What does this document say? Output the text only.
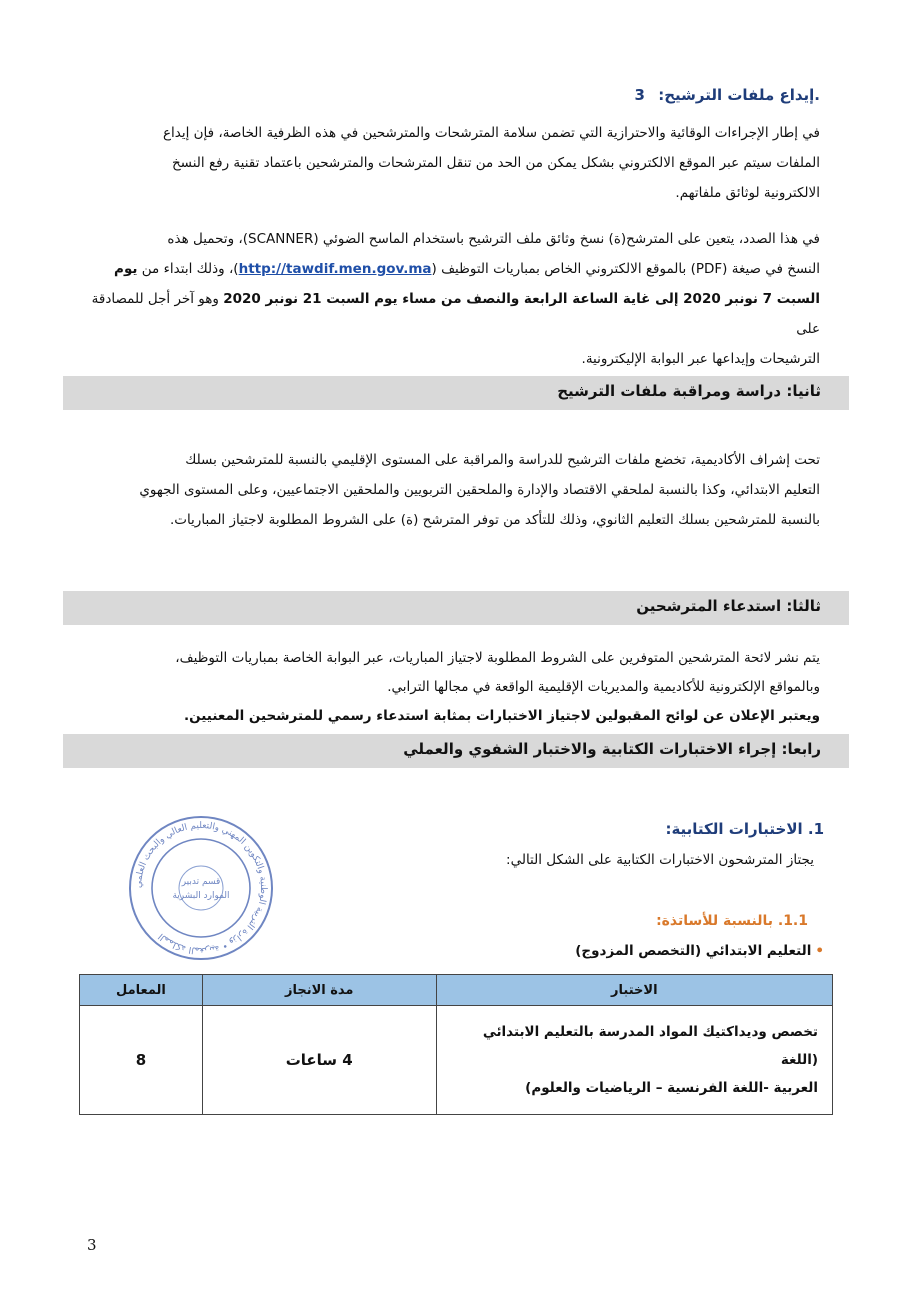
.إيداع ملفات الترشيح: 3
في إطار الإجراءات الوقائية والاحترازية التي تضمن سلامة المترشحات والمترشحين في هذه الظرفية الخاصة، فإن إيداع
الملفات سيتم عبر الموقع الالكتروني بشكل يمكن من الحد من تنقل المترشحات والمترشحين باعتماد تقنية رفع النسخ
الالكترونية لوثائق ملفاتهم.
في هذا الصدد، يتعين على المترشح(ة) نسخ وثائق ملف الترشيح باستخدام الماسح الضوئي (SCANNER)، وتحميل هذه
النسخ في صيغة (PDF) بالموقع الالكتروني الخاص بمباريات التوظيف (http://tawdif.men.gov.ma)، وذلك ابتداء من يوم
السبت 7 نونبر 2020 إلى غاية الساعة الرابعة والنصف من مساء يوم السبت 21 نونبر 2020 وهو آخر أجل للمصادقة على
الترشيحات وإيداعها عبر البوابة الإليكترونية.
ثانيا: دراسة ومراقبة ملفات الترشيح
تحت إشراف الأكاديمية، تخضع ملفات الترشيح للدراسة والمراقبة على المستوى الإقليمي بالنسبة للمترشحين بسلك
التعليم الابتدائي، وكذا بالنسبة لملحقي الاقتصاد والإدارة والملحقين التربويين والملحقين الاجتماعيين، وعلى المستوى الجهوي
بالنسبة للمترشحين بسلك التعليم الثانوي، وذلك للتأكد من توفر المترشح (ة) على الشروط المطلوبة لاجتياز المباريات.
ثالثا: استدعاء المترشحين
يتم نشر لائحة المترشحين المتوفرين على الشروط المطلوبة لاجتياز المباريات، عبر البوابة الخاصة بمباريات التوظيف،
وبالمواقع الإلكترونية للأكاديمية والمديريات الإقليمية الواقعة في مجالها الترابي.
ويعتبر الإعلان عن لوائح المقبولين لاجتياز الاختبارات بمثابة استدعاء رسمي للمترشحين المعنيين.
رابعا: إجراء الاختبارات الكتابية والاختبار الشفوي والعملي
1. الاختبارات الكتابية:
يجتاز المترشحون الاختبارات الكتابية على الشكل التالي:
1.1. بالنسبة للأساتذة:
•التعليم الابتدائي (التخصص المزدوج)
المملكة المغربية • وزارة التربية الوطنية والتكوين المهني والتعليم العالي والبحث العلمي
قسم تدبير
الموارد البشرية
الاختبار	مدة الانجاز	المعامل

تخصص وديداكتيك المواد المدرسة بالتعليم الابتدائي (اللغة
العربية -اللغة الفرنسية – الرياضيات والعلوم)	4 ساعات	8
3
